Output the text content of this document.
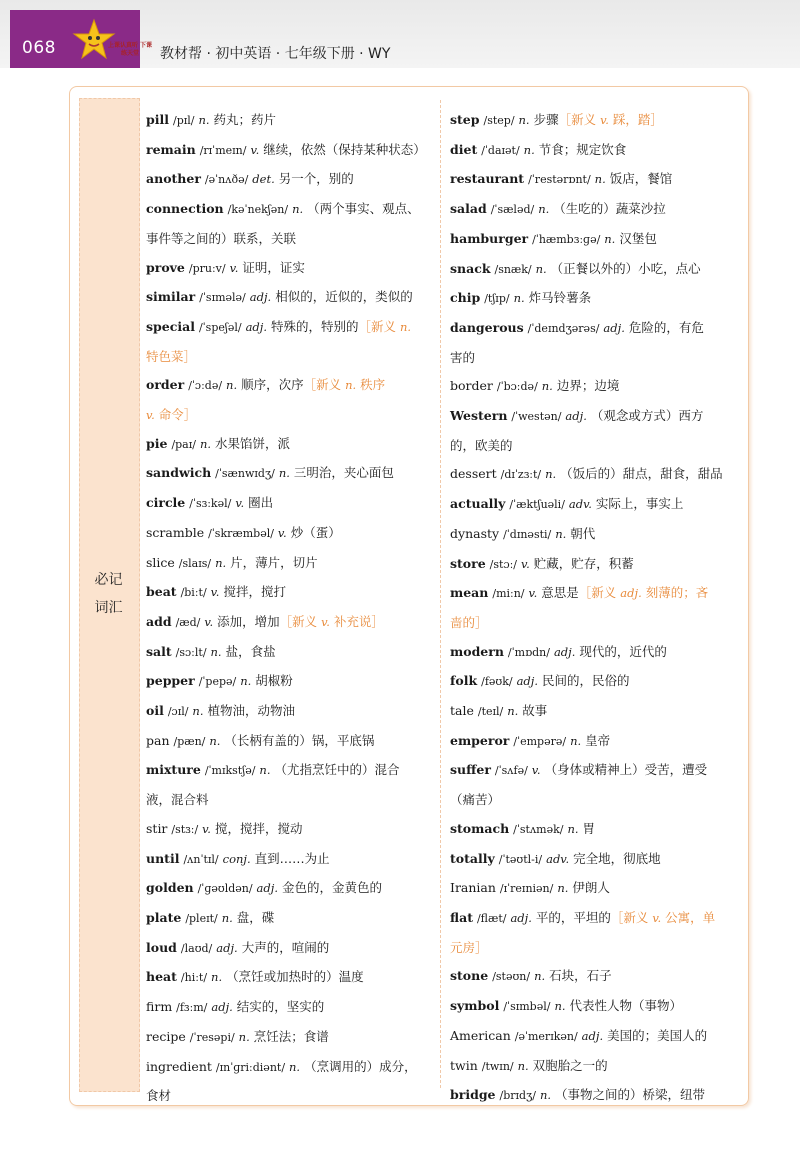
068	上课认真听 下课练天堂	教材帮 · 初中英语 · 七年级下册 · WY
必记
词汇
pill /pɪl/ n. 药丸；药片
remain /rɪˈmeɪn/ v. 继续，依然（保持某种状态）
another /əˈnʌðə/ det. 另一个，别的
connection /kəˈnekʃən/ n. （两个事实、观点、
事件等之间的）联系，关联
prove /pruːv/ v. 证明，证实
similar /ˈsɪmələ/ adj. 相似的，近似的，类似的
special /ˈspeʃəl/ adj. 特殊的，特别的［新义 n.
特色菜］
order /ˈɔːdə/ n. 顺序，次序［新义 n. 秩序
v. 命令］
pie /paɪ/ n. 水果馅饼，派
sandwich /ˈsænwɪdʒ/ n. 三明治，夹心面包
circle /ˈsɜːkəl/ v. 圈出
scramble /ˈskræmbəl/ v. 炒（蛋）
slice /slaɪs/ n. 片，薄片，切片
beat /biːt/ v. 搅拌，搅打
add /æd/ v. 添加，增加［新义 v. 补充说］
salt /sɔːlt/ n. 盐，食盐
pepper /ˈpepə/ n. 胡椒粉
oil /ɔɪl/ n. 植物油，动物油
pan /pæn/ n. （长柄有盖的）锅，平底锅
mixture /ˈmɪkstʃə/ n. （尤指烹饪中的）混合
液，混合料
stir /stɜː/ v. 搅，搅拌，搅动
until /ʌnˈtɪl/ conj. 直到……为止
golden /ˈɡəʊldən/ adj. 金色的，金黄色的
plate /pleɪt/ n. 盘，碟
loud /laʊd/ adj. 大声的，喧闹的
heat /hiːt/ n. （烹饪或加热时的）温度
firm /fɜːm/ adj. 结实的，坚实的
recipe /ˈresəpi/ n. 烹饪法；食谱
ingredient /ɪnˈɡriːdiənt/ n. （烹调用的）成分，
食材
step /step/ n. 步骤［新义 v. 踩，踏］
diet /ˈdaɪət/ n. 节食；规定饮食
restaurant /ˈrestərɒnt/ n. 饭店，餐馆
salad /ˈsæləd/ n. （生吃的）蔬菜沙拉
hamburger /ˈhæmbɜːɡə/ n. 汉堡包
snack /snæk/ n. （正餐以外的）小吃，点心
chip /tʃɪp/ n. 炸马铃薯条
dangerous /ˈdeɪndʒərəs/ adj. 危险的，有危
害的
border /ˈbɔːdə/ n. 边界；边境
Western /ˈwestən/ adj. （观念或方式）西方
的，欧美的
dessert /dɪˈzɜːt/ n. （饭后的）甜点，甜食，甜品
actually /ˈæktʃuəli/ adv. 实际上，事实上
dynasty /ˈdɪnəsti/ n. 朝代
store /stɔː/ v. 贮藏，贮存，积蓄
mean /miːn/ v. 意思是［新义 adj. 刻薄的；吝
啬的］
modern /ˈmɒdn/ adj. 现代的，近代的
folk /fəʊk/ adj. 民间的，民俗的
tale /teɪl/ n. 故事
emperor /ˈempərə/ n. 皇帝
suffer /ˈsʌfə/ v. （身体或精神上）受苦，遭受
（痛苦）
stomach /ˈstʌmək/ n. 胃
totally /ˈtəʊtl-i/ adv. 完全地，彻底地
Iranian /ɪˈreɪniən/ n. 伊朗人
flat /flæt/ adj. 平的，平坦的［新义 v. 公寓，单
元房］
stone /stəʊn/ n. 石块，石子
symbol /ˈsɪmbəl/ n. 代表性人物（事物）
American /əˈmerɪkən/ adj. 美国的；美国人的
twin /twɪn/ n. 双胞胎之一的
bridge /brɪdʒ/ n. （事物之间的）桥梁，纽带
